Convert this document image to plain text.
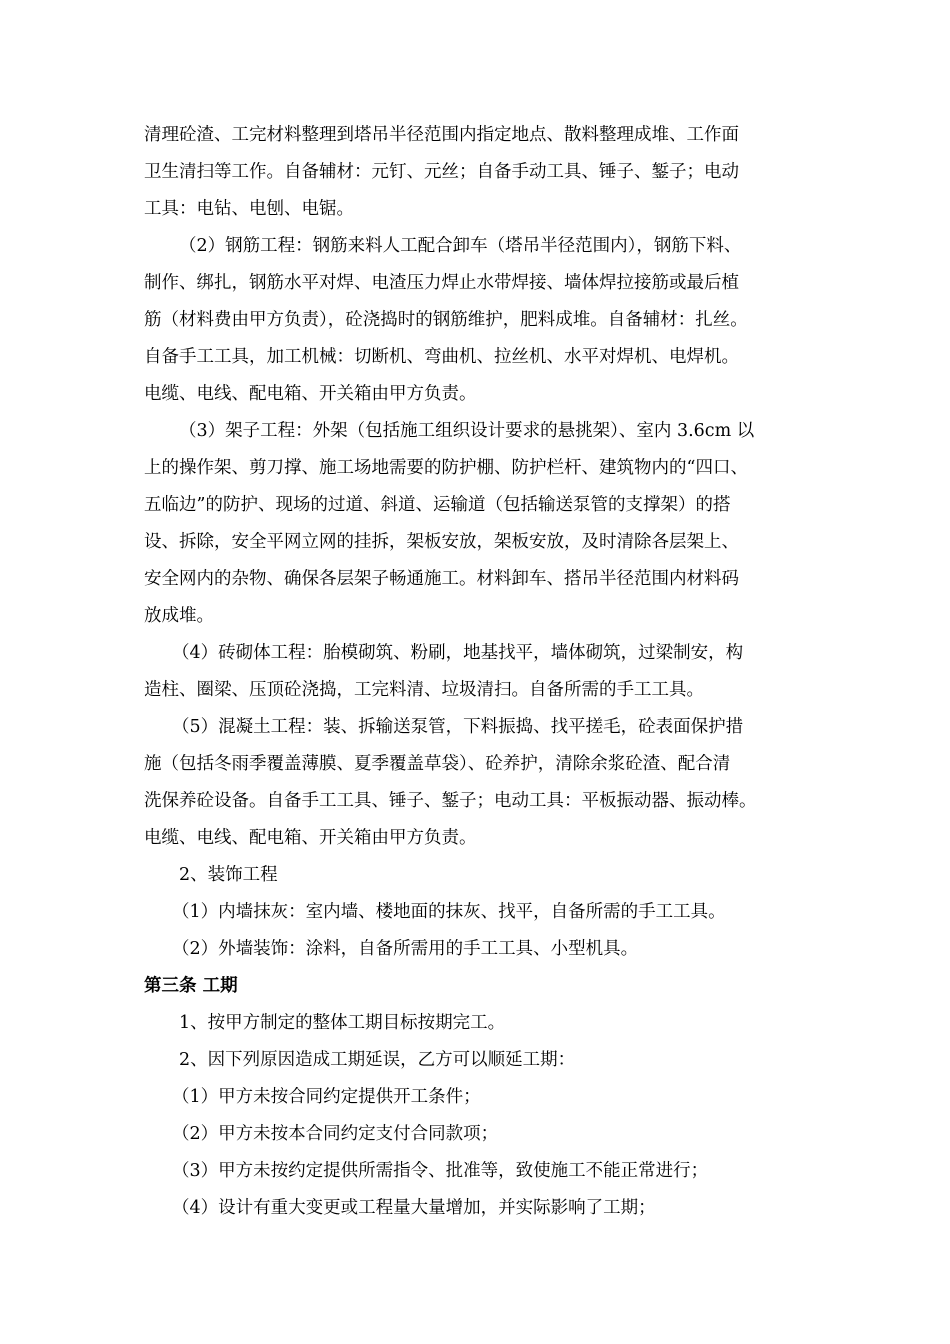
清理砼渣、工完材料整理到塔吊半径范围内指定地点、散料整理成堆、工作面
卫生清扫等工作。自备辅材：元钉、元丝；自备手动工具、锤子、錾子；电动
工具：电钻、电刨、电锯。
（2）钢筋工程：钢筋来料人工配合卸车（塔吊半径范围内），钢筋下料、
制作、绑扎，钢筋水平对焊、电渣压力焊止水带焊接、墙体焊拉接筋或最后植
筋（材料费由甲方负责），砼浇捣时的钢筋维护，肥料成堆。自备辅材：扎丝。
自备手工工具，加工机械：切断机、弯曲机、拉丝机、水平对焊机、电焊机。
电缆、电线、配电箱、开关箱由甲方负责。
（3）架子工程：外架（包括施工组织设计要求的悬挑架）、室内 3.6cm 以
上的操作架、剪刀撑、施工场地需要的防护棚、防护栏杆、建筑物内的“四口、
五临边”的防护、现场的过道、斜道、运输道（包括输送泵管的支撑架）的搭
设、拆除，安全平网立网的挂拆，架板安放，架板安放，及时清除各层架上、
安全网内的杂物、确保各层架子畅通施工。材料卸车、搭吊半径范围内材料码
放成堆。
（4）砖砌体工程：胎模砌筑、粉刷，地基找平，墙体砌筑，过梁制安，构
造柱、圈梁、压顶砼浇捣，工完料清、垃圾清扫。自备所需的手工工具。
（5）混凝土工程：装、拆输送泵管，下料振捣、找平搓毛，砼表面保护措
施（包括冬雨季覆盖薄膜、夏季覆盖草袋）、砼养护，清除余浆砼渣、配合清
洗保养砼设备。自备手工工具、锤子、錾子；电动工具：平板振动器、振动棒。
电缆、电线、配电箱、开关箱由甲方负责。
2、装饰工程
（1）内墙抹灰：室内墙、楼地面的抹灰、找平，自备所需的手工工具。
（2）外墙装饰：涂料，自备所需用的手工工具、小型机具。
第三条 工期
1、按甲方制定的整体工期目标按期完工。
2、因下列原因造成工期延误，乙方可以顺延工期：
（1）甲方未按合同约定提供开工条件；
（2）甲方未按本合同约定支付合同款项；
（3）甲方未按约定提供所需指令、批准等，致使施工不能正常进行；
（4）设计有重大变更或工程量大量增加，并实际影响了工期；
